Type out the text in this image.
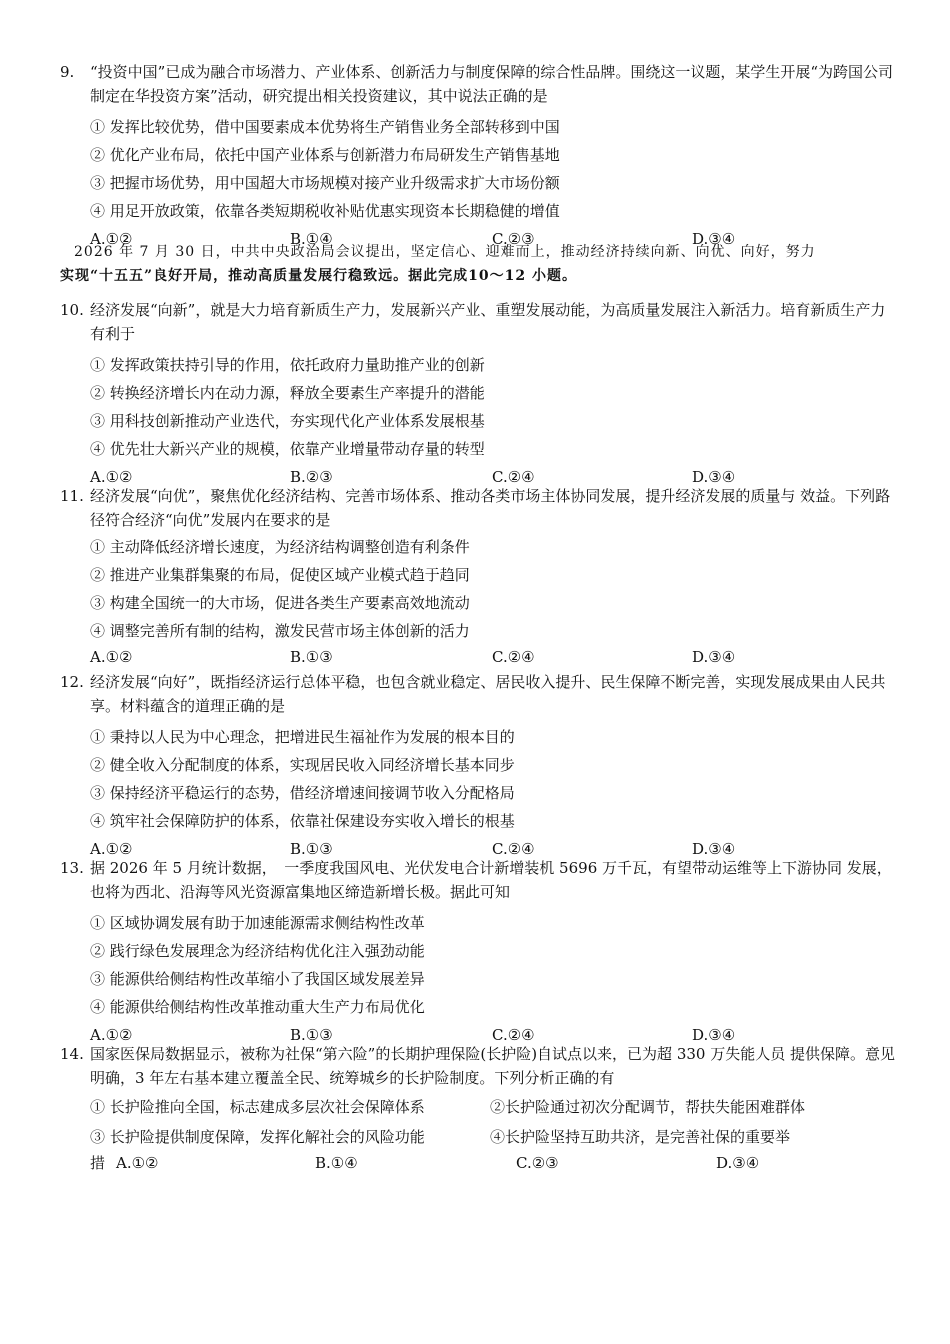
9. “投资中国”已成为融合市场潜力、产业体系、创新活力与制度保障的综合性品牌。围绕这一议题，某学生开展“为跨国公司制定在华投资方案”活动，研究提出相关投资建议，其中说法正确的是
① 发挥比较优势，借中国要素成本优势将生产销售业务全部转移到中国
② 优化产业布局，依托中国产业体系与创新潜力布局研发生产销售基地
③ 把握市场优势，用中国超大市场规模对接产业升级需求扩大市场份额
④ 用足开放政策，依靠各类短期税收补贴优惠实现资本长期稳健的增值
A.①②	B.①④	C.②③	D.③④
2026 年 7 月 30 日，中共中央政治局会议提出，坚定信心、迎难而上，推动经济持续向新、向优、向好，努力
实现“十五五”良好开局，推动高质量发展行稳致远。据此完成10～12 小题。
10. 经济发展“向新”，就是大力培育新质生产力，发展新兴产业、重塑发展动能，为高质量发展注入新活力。培育新质生产力有利于
① 发挥政策扶持引导的作用，依托政府力量助推产业的创新
② 转换经济增长内在动力源，释放全要素生产率提升的潜能
③ 用科技创新推动产业迭代，夯实现代化产业体系发展根基
④ 优先壮大新兴产业的规模，依靠产业增量带动存量的转型
A.①②	B.②③	C.②④	D.③④
11. 经济发展“向优”，聚焦优化经济结构、完善市场体系、推动各类市场主体协同发展，提升经济发展的质量与 效益。下列路径符合经济“向优”发展内在要求的是
① 主动降低经济增长速度，为经济结构调整创造有利条件
② 推进产业集群集聚的布局，促使区域产业模式趋于趋同
③ 构建全国统一的大市场，促进各类生产要素高效地流动
④ 调整完善所有制的结构，激发民营市场主体创新的活力
A.①②	B.①③	C.②④	D.③④
12. 经济发展“向好”，既指经济运行总体平稳，也包含就业稳定、居民收入提升、民生保障不断完善，实现发展成果由人民共享。材料蕴含的道理正确的是
① 秉持以人民为中心理念，把增进民生福祉作为发展的根本目的
② 健全收入分配制度的体系，实现居民收入同经济增长基本同步
③ 保持经济平稳运行的态势，借经济增速间接调节收入分配格局
④ 筑牢社会保障防护的体系，依靠社保建设夯实收入增长的根基
A.①②	B.①③	C.②④	D.③④
13. 据 2026 年 5 月统计数据，　一季度我国风电、光伏发电合计新增装机 5696 万千瓦，有望带动运维等上下游协同 发展，也将为西北、沿海等风光资源富集地区缔造新增长极。据此可知
① 区域协调发展有助于加速能源需求侧结构性改革
② 践行绿色发展理念为经济结构优化注入强劲动能
③ 能源供给侧结构性改革缩小了我国区域发展差异
④ 能源供给侧结构性改革推动重大生产力布局优化
A.①②	B.①③	C.②④	D.③④
14. 国家医保局数据显示，被称为社保“第六险”的长期护理保险(长护险)自试点以来，已为超 330 万失能人员 提供保障。意见明确，3 年左右基本建立覆盖全民、统筹城乡的长护险制度。下列分析正确的有
① 长护险推向全国，标志建成多层次社会保障体系	②长护险通过初次分配调节，帮扶失能困难群体
③ 长护险提供制度保障，发挥化解社会的风险功能	④长护险坚持互助共济，是完善社保的重要举
措 A.①②	B.①④	C.②③	D.③④
